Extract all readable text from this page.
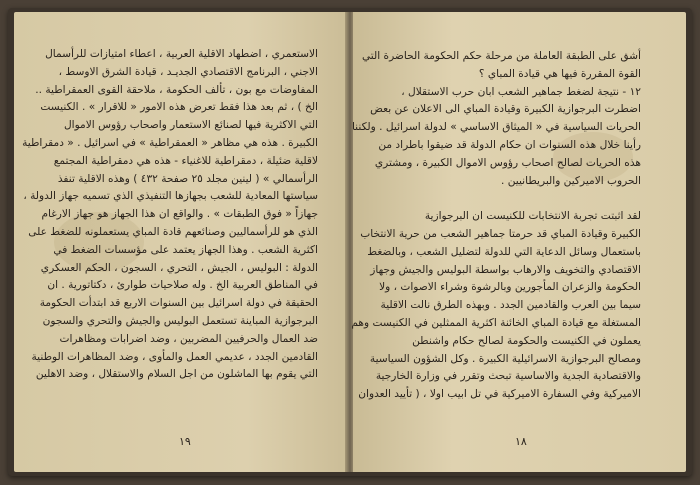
الاستعمري ، اضطهاد الاقلية العربية ، اعطاء امتيازات للرأسمال
الاجني ، البرنامج الاقتصادي الجديـد ، قيادة الشرق الاوسط ،
المفاوضات مع بون ، تألف الحكومة ، ملاحقة القوى العمقراطية ..
الخ ) ، ثم بعد هذا فقط تعرض هذه الامور « للاقرار » . الكنيست
التي الاكثرية فيها لصنائع الاستعمار واصحاب رؤوس الاموال
الكبيرة . هذه هي مظاهر « العمقراطية » في اسرائيل . « دمقراطية
لاقلية ضئيلة ، دمقراطية للاغنياء - هذه هي دمقراطية المجتمع
الرأسمالي » ( لينين مجلد ٢٥ صفحة ٤٣٢ ) وهذه الاقلية تنفذ
سياستها المعادية للشعب بجهازها التنفيذي الذي تسميه جهاز الدولة ،
جهازاً « فوق الطبقات » . والواقع ان هذا الجهاز هو جهاز الارغام
الذي هو للرأسماليين وصنائعهم قادة المباي يستعملونه للضغط على
اكثرية الشعب . وهذا الجهاز يعتمد على مؤسسات الضغط في
الدولة : البوليس ، الجيش ، التحري ، السجون ، الحكم العسكري
في المناطق العربية الخ . وله صلاحيات طوارئ ، دكتاتورية . ان
الحقيقة في دولة اسرائيل بين السنوات الاربع قد ابتدأت الحكومة
البرجوازية المباينة تستعمل البوليس والجيش والتحري والسجون
ضد العمال والحرفيين المضربين ، وضد اضرابات ومظاهرات
القادمين الجدد ، عديمي العمل والمأوى ، وضد المظاهرات الوطنية
التي يقوم بها الماشلون من اجل السلام والاستقلال ، وضد الاهلين
١٩
أشق على الطبقة العاملة من مرحلة حكم الحكومة الحاضرة التي
القوة المقررة فيها هي قيادة المباي ؟
١٢ - نتيجة لضغط جماهير الشعب ابان حرب الاستقلال ،
اضطرت البرجوازية الكبيرة وقيادة المباي الى الاعلان عن بعض
الحريات السياسية في « الميثاق الاساسي » لدولة اسرائيل . ولكننا
رأينا خلال هذه السنوات ان حكام الدولة قد ضيقوا باطراد من
هذه الحريات لصالح اصحاب رؤوس الاموال الكبيرة ، ومشتري
الحروب الاميركين والبريطانيين .

لقد اثبتت تجربة الانتخابات للكنيست ان البرجوازية
الكبيرة وقيادة المباي قد حرمتا جماهير الشعب من حرية الانتخاب
باستعمال وسائل الدعاية التي للدولة لتضليل الشعب ، وبالضغط
الاقتصادي والتخويف والارهاب بواسطة البوليس والجيش وجهاز
الحكومة والزعران المأجورين وبالرشوة وشراء الاصوات ، ولا
سيما بين العرب والقادمين الجدد . وبهذه الطرق نالت الاقلية
المستغلة مع قيادة المباي الخائنة اكثرية الممثلين في الكنيست وهم
يعملون في الكنيست والحكومة لصالح حكام واشنطن
ومصالح البرجوازية الاسرائيلية الكبيرة . وكل الشؤون السياسية
والاقتصادية الجدية والاساسية تبحث وتقرر في وزارة الخارجية
الاميركية وفي السفارة الاميركية في تل ابيب اولا ، ( تأييد العدوان
١٨
